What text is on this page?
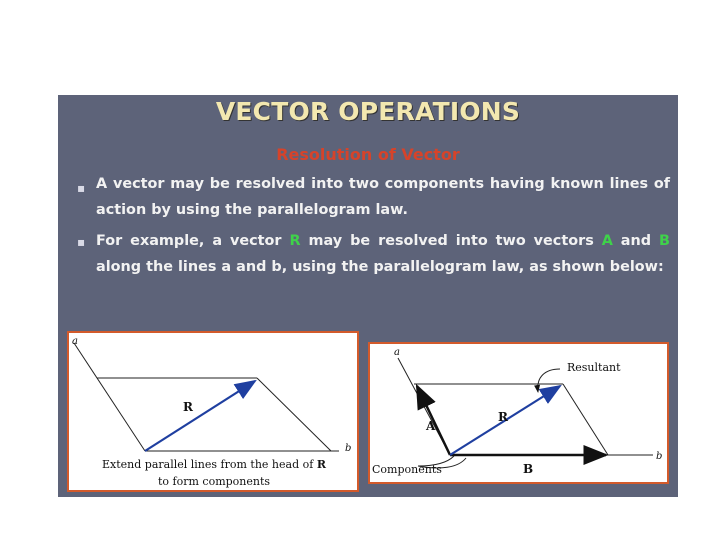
VECTOR OPERATIONS
Resolution of Vector
▪ A vector may be resolved into two components having known lines of action by using the parallelogram law.
▪ For example, a vector R may be resolved into two vectors A and B along the lines a and b, using the parallelogram law, as shown below:
a
b
R
Extend parallel lines from the head of R
to form components
a
b
R
A
B
Resultant
Components
